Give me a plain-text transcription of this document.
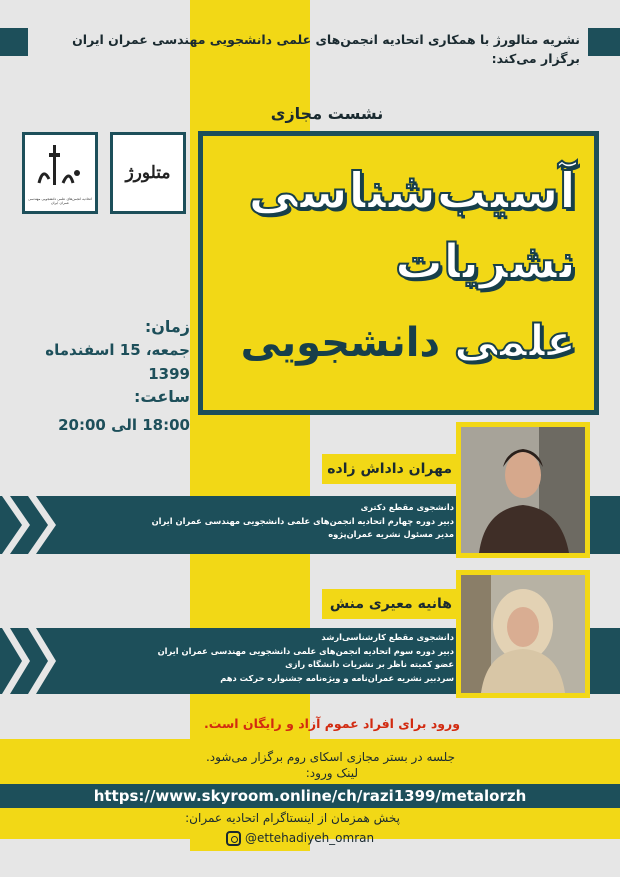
نشریه متالورژ با همکاری اتحادیه انجمن‌های علمی دانشجویی مهندسی عمران ایران
برگزار می‌کند:
نشست مجازی
اتحادیه انجمن‌های علمی دانشجویی مهندسی عمران ایران
متلورژ آسیب‌شناسی
نشریات
علمی
دانشجویی
زمان:
جمعه، 15 اسفندماه 1399
ساعت:
18:00 الی 20:00
مهران داداش زاده
دانشجوی مقطع دکتری
دبیر دوره چهارم اتحادیه انجمن‌های علمی دانشجویی مهندسی عمران ایران
مدیر مسئول نشریه عمران‌پژوه
هانیه معیری منش
دانشجوی مقطع کارشناسی‌ارشد
دبیر دوره سوم اتحادیه انجمن‌های علمی دانشجویی مهندسی عمران ایران
عضو کمیته ناظر بر نشریات دانشگاه رازی
سردبیر نشریه عمران‌نامه و ویژه‌نامه جشنواره حرکت دهم
ورود برای افراد عموم آزاد و رایگان است.
جلسه در بستر مجازی اسکای روم برگزار می‌شود.
لینک ورود:
https://www.skyroom.online/ch/razi1399/metalorzh
پخش همزمان از اینستاگرام اتحادیه عمران:
@ettehadiyeh_omran
